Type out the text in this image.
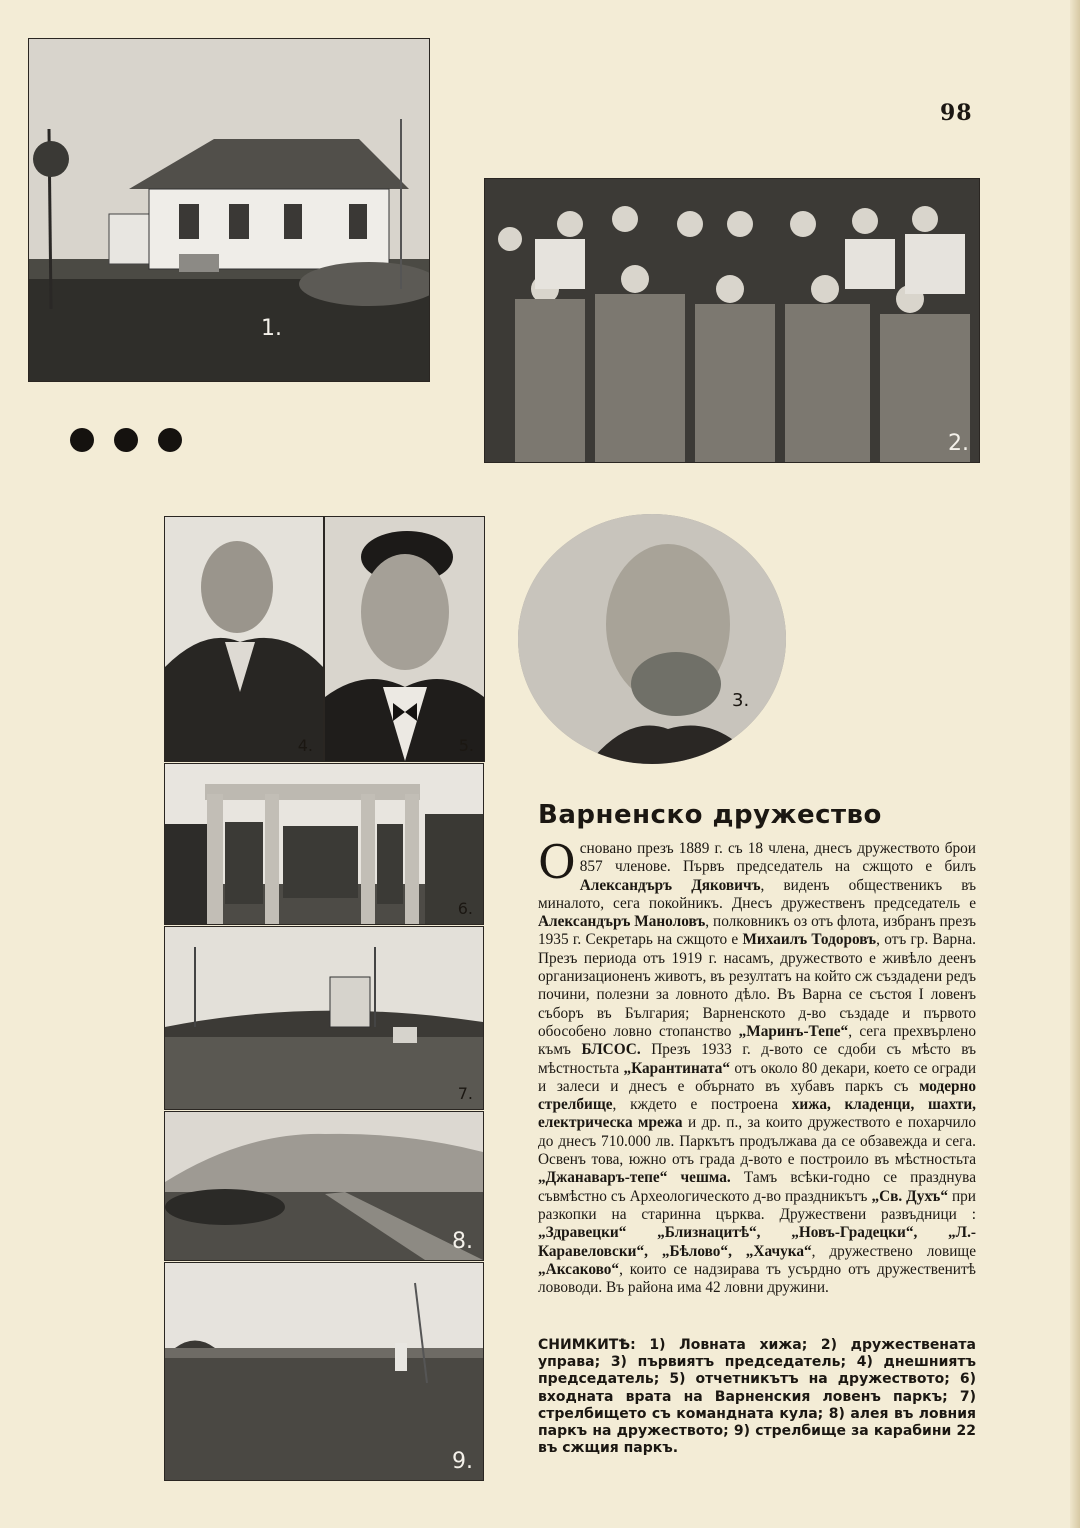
98
1.
2.
4.	5.
3.
6.
7.
8.
9.
Варненско дружество

Основано презъ 1889 г. съ 18 члена, днесъ дружеството брои 857 членове. Първъ председатель на сжщото е билъ Александъръ Дяковичъ, виденъ общественикъ въ миналото, сега покойникъ. Днесъ дружественъ председатель е Александъръ Маноловъ, полковникъ оз отъ флота, избранъ презъ 1935 г. Секретарь на сжщото е Михаилъ Тодоровъ, отъ гр. Варна. Презъ периода отъ 1919 г. насамъ, дружеството е живѣло деенъ организационенъ животъ, въ резултатъ на който сж създадени редъ почини, полезни за ловното дѣло. Въ Варна се състоя I ловенъ съборъ въ България; Варненското д-во създаде и първото обособено ловно стопанство „Маринъ-Тепе“, сега прехвърлено къмъ БЛСОС. Презъ 1933 г. д-вото се сдоби съ мѣсто въ мѣстностьта „Карантината“ отъ около 80 декари, което се огради и залеси и днесъ е обърнато въ хубавъ паркъ съ модерно стрелбище, кждето е построена хижа, кладенци, шахти, електрическа мрежа и др. п., за които дружеството е похарчило до днесъ 710.000 лв. Паркътъ продължава да се обзавежда и сега. Освенъ това, южно отъ града д-вото е построило въ мѣстностьта „Джанаваръ-тепе“ чешма. Тамъ всѣки-годно се празднува съвмѣстно съ Археологическото д-во праздникътъ „Св. Духъ“ при разкопки на старинна църква. Дружествени развъдници : „Здравецки“ „Близнацитѣ“, „Новъ-Градецки“, „Л.-Каравеловски“, „Бѣлово“, „Хачука“, дружествено ловище „Аксаково“, които се надзирава тъ усърдно отъ дружественитѣ лововоди. Въ района има 42 ловни дружини.

СНИМКИТѢ: 1) Ловната хижа; 2) дружествената управа; 3) първиятъ председатель; 4) днешниятъ председатель; 5) отчетникътъ на дружеството; 6) входната врата на Варненския ловенъ паркъ; 7) стрелбището съ командната кула; 8) алея въ ловния паркъ на дружеството; 9) стрелбище за карабини 22 въ сжщия паркъ.
